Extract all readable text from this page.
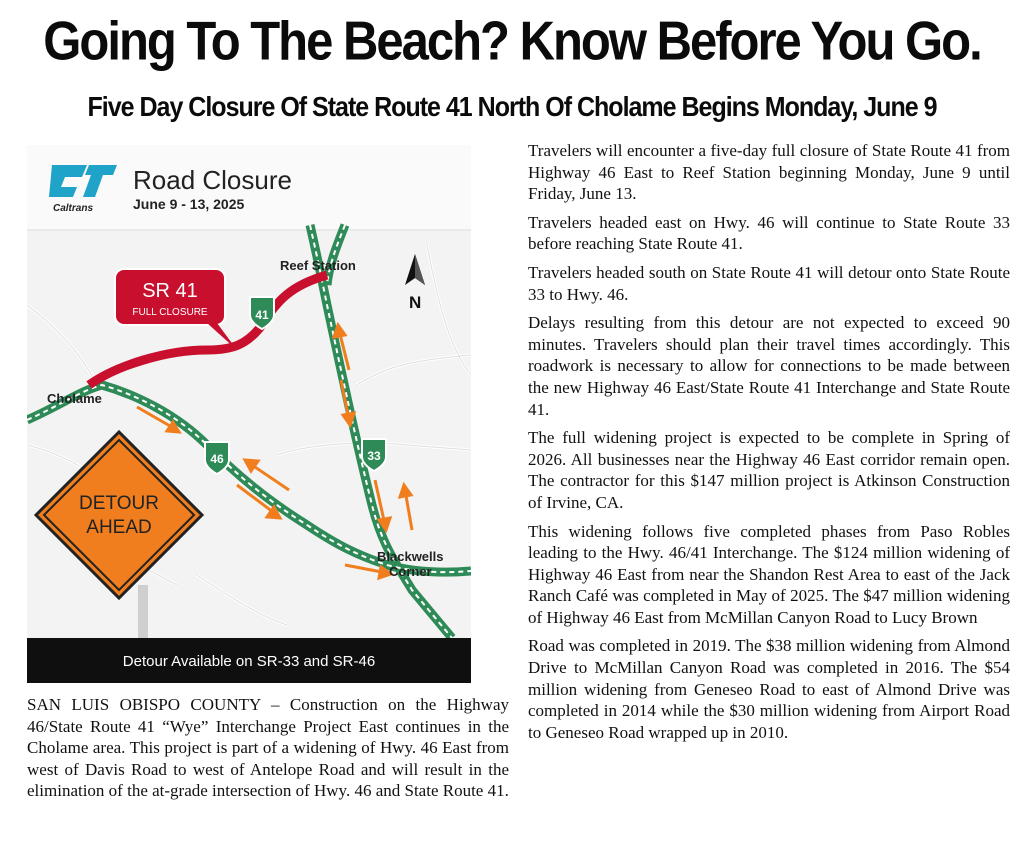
Going To The Beach? Know Before You Go.
Five Day Closure Of State Route 41 North Of Cholame Begins Monday, June 9
N
41
46	33
Reef Station
Cholame
Blackwells
Corner
SR 41
FULL CLOSURE
DETOUR
AHEAD
Caltrans
Road Closure
June 9 - 13, 2025
Detour Available on SR-33 and SR-46

Travelers will encounter a five-day full closure of State Route 41 from Highway 46 East to Reef Station beginning Monday, June 9 until Friday, June 13.

Travelers headed east on Hwy. 46 will continue to State Route 33 before reaching State Route 41.

Travelers headed south on State Route 41 will detour onto State Route 33 to Hwy. 46.

Delays resulting from this detour are not expected to exceed 90 minutes. Travelers should plan their travel times accordingly. This roadwork is necessary to allow for connections to be made between the new Highway 46 East/State Route 41 Interchange and State Route 41.

The full widening project is expected to be complete in Spring of 2026. All businesses near the Highway 46 East corridor remain open. The contractor for this $147 million project is Atkinson Construction of Irvine, CA.

This widening follows five completed phases from Paso Robles leading to the Hwy. 46/41 Interchange. The $124 million widening of Highway 46 East from near the Shandon Rest Area to east of the Jack Ranch Café was completed in May of 2025. The $47 million widening of Highway 46 East from McMillan Canyon Road to Lucy Brown

Road was completed in 2019. The $38 million widening from Almond Drive to McMillan Canyon Road was completed in 2016. The $54 million widening from Geneseo Road to east of Almond Drive was completed in 2014 while the $30 million widening from Airport Road to Geneseo Road wrapped up in 2010.

SAN LUIS OBISPO COUNTY – Construction on the Highway 46/State Route 41 “Wye” Interchange Project East continues in the Cholame area. This project is part of a widening of Hwy. 46 East from west of Davis Road to west of Antelope Road and will result in the elimination of the at-grade intersection of Hwy. 46 and State Route 41.
